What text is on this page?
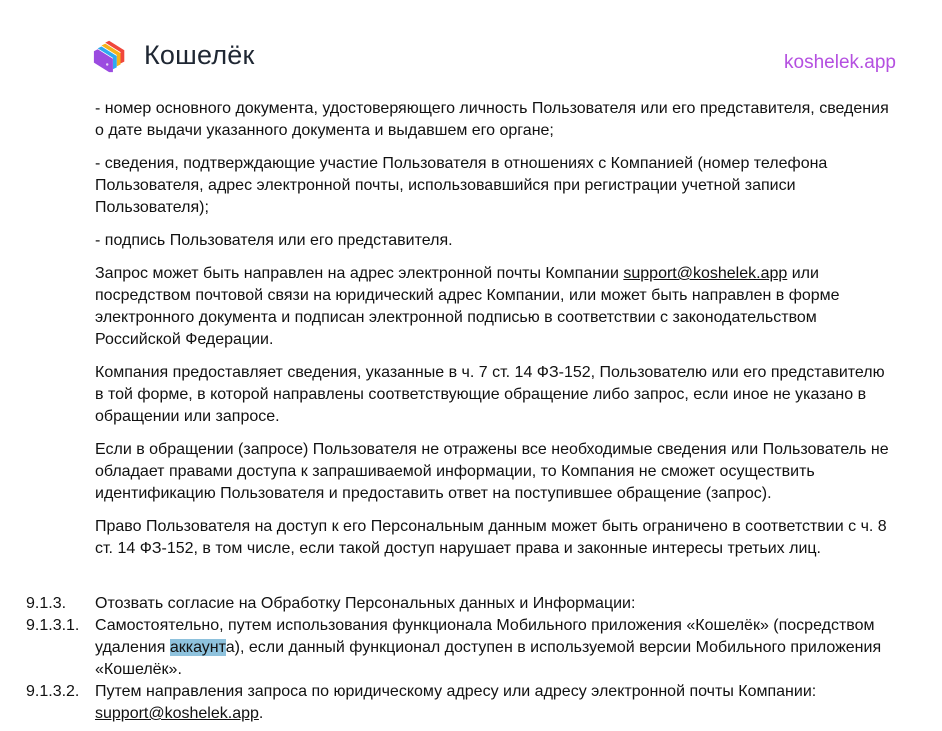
Кошелёк	koshelek.app

- номер основного документа, удостоверяющего личность Пользователя или его представителя, сведения о дате выдачи указанного документа и выдавшем его органе;

- сведения, подтверждающие участие Пользователя в отношениях с Компанией (номер телефона Пользователя, адрес электронной почты, использовавшийся при регистрации учетной записи Пользователя);

- подпись Пользователя или его представителя.

Запрос может быть направлен на адрес электронной почты Компании support@koshelek.app или посредством почтовой связи на юридический адрес Компании, или может быть направлен в форме электронного документа и подписан электронной подписью в соответствии с законодательством Российской Федерации.

Компания предоставляет сведения, указанные в ч. 7 ст. 14 ФЗ-152, Пользователю или его представителю в той форме, в которой направлены соответствующие обращение либо запрос, если иное не указано в обращении или запросе.

Если в обращении (запросе) Пользователя не отражены все необходимые сведения или Пользователь не обладает правами доступа к запрашиваемой информации, то Компания не сможет осуществить идентификацию Пользователя и предоставить ответ на поступившее обращение (запрос).

Право Пользователя на доступ к его Персональным данным может быть ограничено в соответствии с ч. 8 ст. 14 ФЗ-152, в том числе, если такой доступ нарушает права и законные интересы третьих лиц.

9.1.3.	Отозвать согласие на Обработку Персональных данных и Информации:
9.1.3.1. Самостоятельно, путем использования функционала Мобильного приложения «Кошелёк» (посредством удаления аккаунта), если данный функционал доступен в используемой версии Мобильного приложения «Кошелёк».
9.1.3.2. Путем направления запроса по юридическому адресу или адресу электронной почты Компании:
support@koshelek.app.
